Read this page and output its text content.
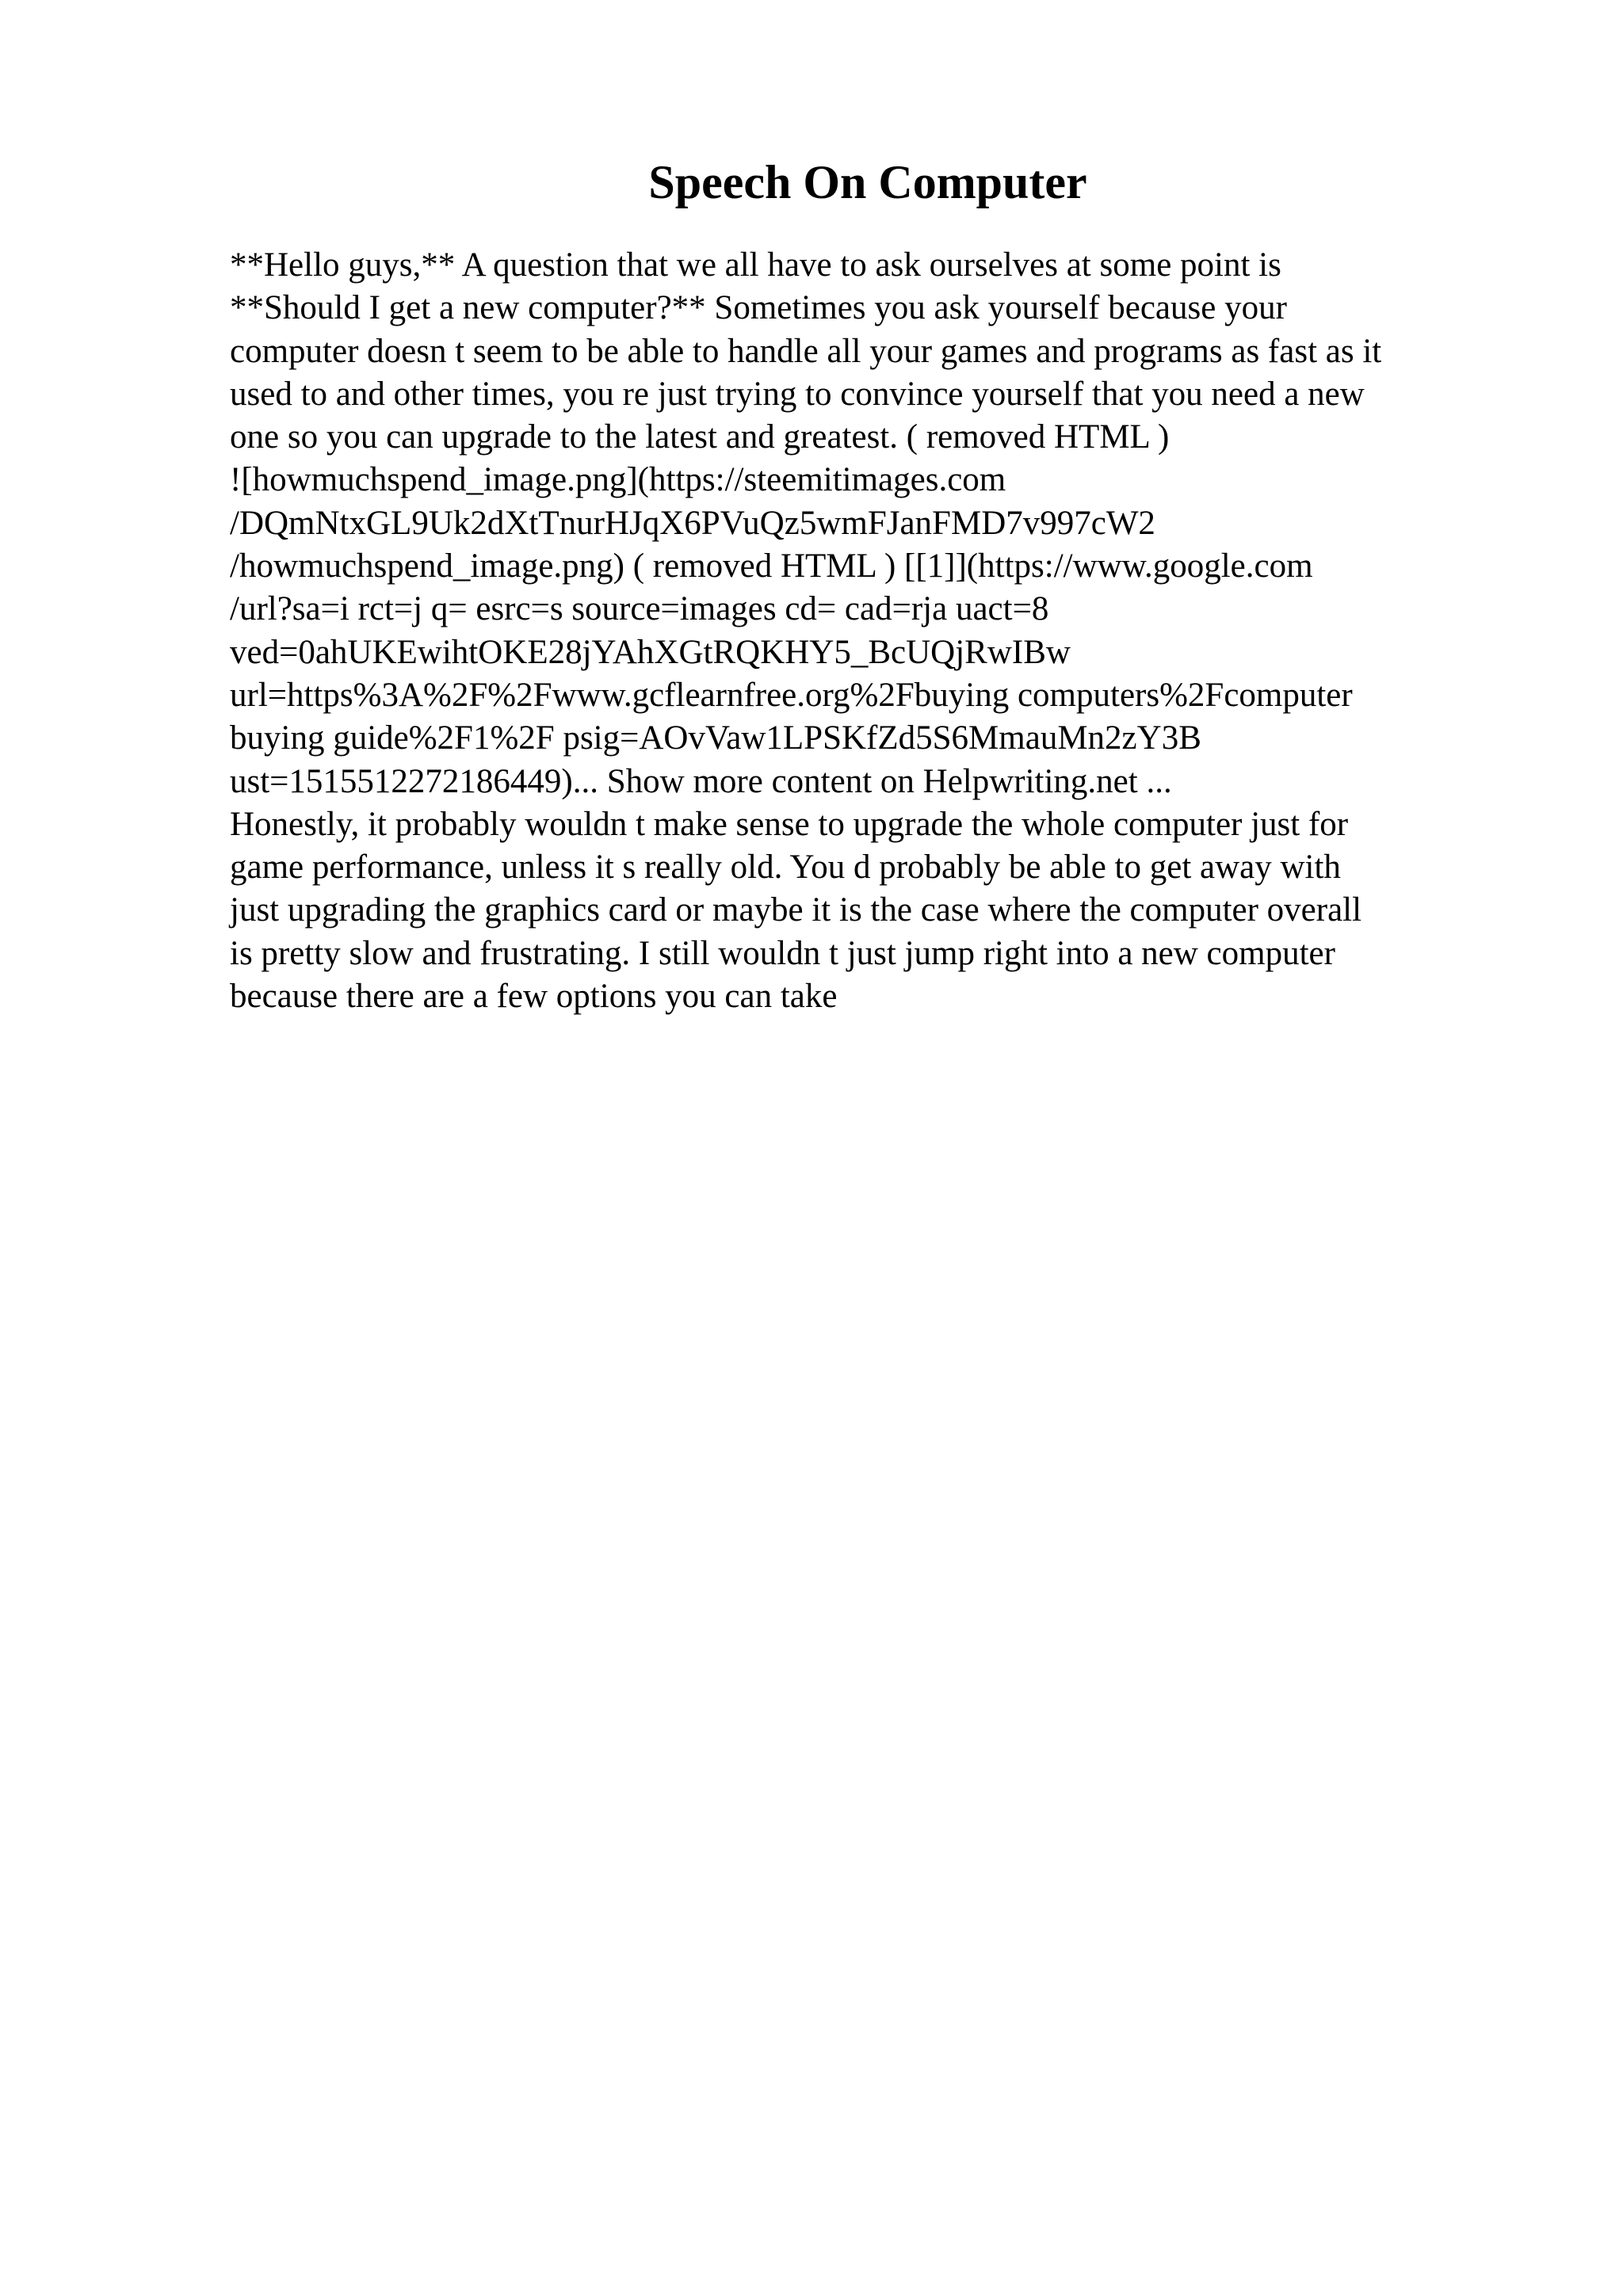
Speech On Computer
**Hello guys,** A question that we all have to ask ourselves at some point is
**Should I get a new computer?** Sometimes you ask yourself because your
computer doesn t seem to be able to handle all your games and programs as fast as it
used to and other times, you re just trying to convince yourself that you need a new
one so you can upgrade to the latest and greatest. ( removed HTML )
![howmuchspend_image.png](https://steemitimages.com
/DQmNtxGL9Uk2dXtTnurHJqX6PVuQz5wmFJanFMD7v997cW2
/howmuchspend_image.png) ( removed HTML ) [[1]](https://www.google.com
/url?sa=i rct=j q= esrc=s source=images cd= cad=rja uact=8
ved=0ahUKEwihtOKE28jYAhXGtRQKHY5_BcUQjRwIBw
url=https%3A%2F%2Fwww.gcflearnfree.org%2Fbuying computers%2Fcomputer
buying guide%2F1%2F psig=AOvVaw1LPSKfZd5S6MmauMn2zY3B
ust=1515512272186449)... Show more content on Helpwriting.net ...
Honestly, it probably wouldn t make sense to upgrade the whole computer just for
game performance, unless it s really old. You d probably be able to get away with
just upgrading the graphics card or maybe it is the case where the computer overall
is pretty slow and frustrating. I still wouldn t just jump right into a new computer
because there are a few options you can take
